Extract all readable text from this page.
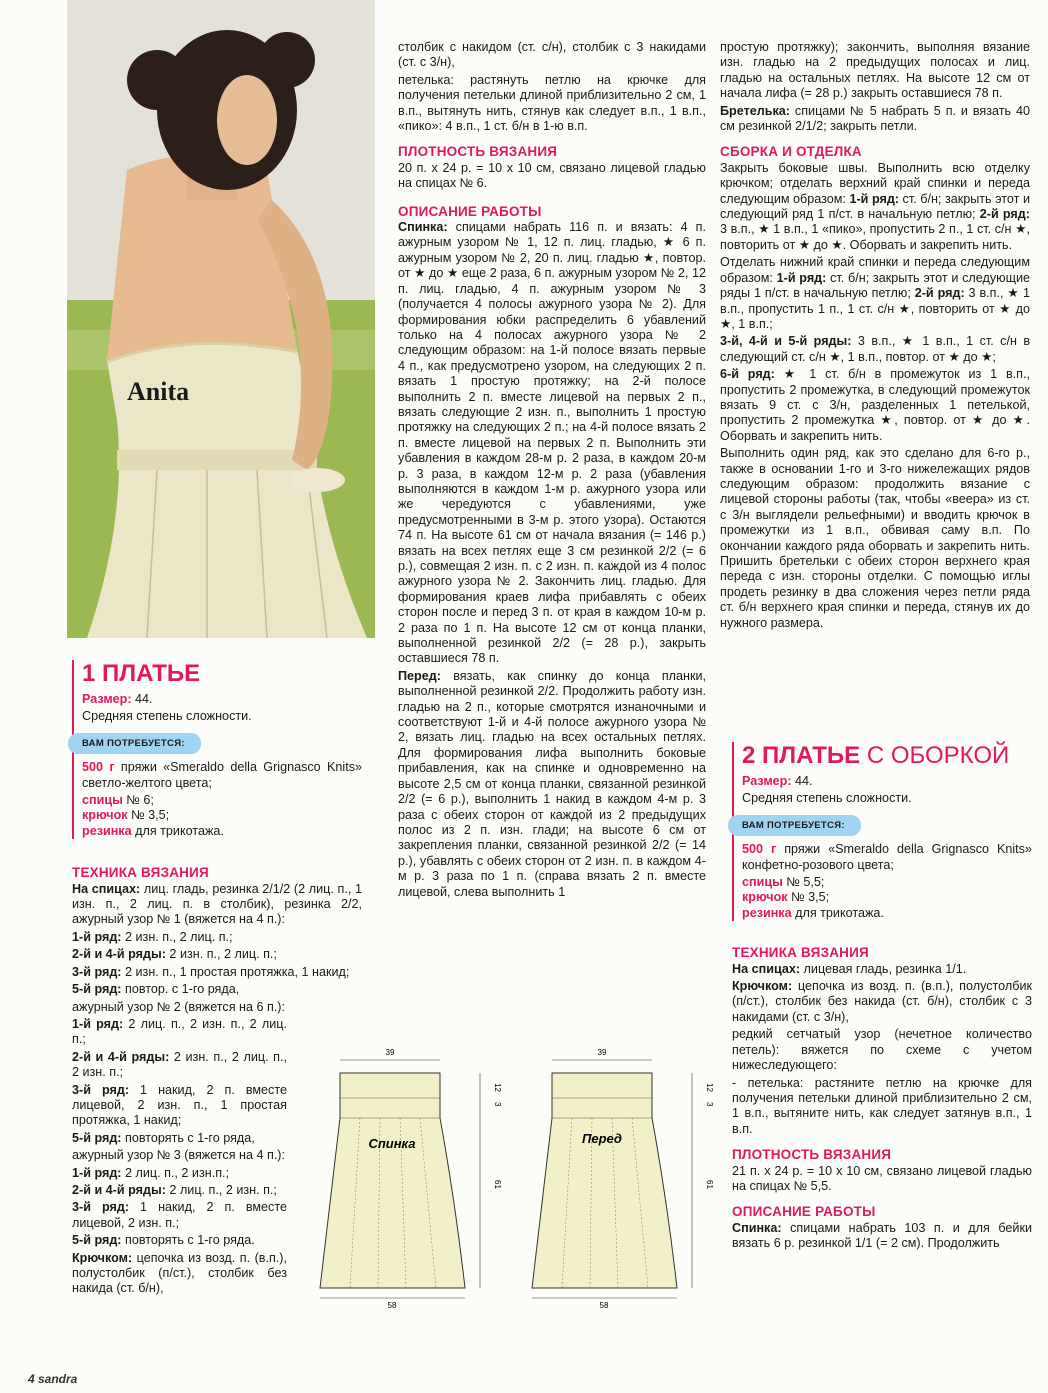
Anita
1 ПЛАТЬЕ

Размер: 44.

Средняя степень сложности.

ВАМ ПОТРЕБУЕТСЯ:

500 г пряжи «Smeraldo della Grignasco Knits» светло-желтого цвета;

спицы № 6;

крючок № 3,5;

резинка для трикотажа.

ТЕХНИКА ВЯЗАНИЯ

На спицах: лиц. гладь, резинка 2/1/2 (2 лиц. п., 1 изн. п., 2 лиц. п. в столбик), резинка 2/2, ажурный узор № 1 (вяжется на 4 п.):

1-й ряд: 2 изн. п., 2 лиц. п.;

2-й и 4-й ряды: 2 изн. п., 2 лиц. п.;

3-й ряд: 2 изн. п., 1 простая протяжка, 1 накид;

5-й ряд: повтор. с 1-го ряда,

ажурный узор № 2 (вяжется на 6 п.):

1-й ряд: 2 лиц. п., 2 изн. п., 2 лиц. п.;

2-й и 4-й ряды: 2 изн. п., 2 лиц. п., 2 изн. п.;

3-й ряд: 1 накид, 2 п. вместе лицевой, 2 изн. п., 1 простая протяжка, 1 накид;

5-й ряд: повторять с 1-го ряда,

ажурный узор № 3 (вяжется на 4 п.):

1-й ряд: 2 лиц. п., 2 изн.п.;

2-й и 4-й ряды: 2 лиц. п., 2 изн. п.;

3-й ряд: 1 накид, 2 п. вместе лицевой, 2 изн. п.;

5-й ряд: повторять с 1-го ряда.

Крючком: цепочка из возд. п. (в.п.), полустолбик (п/ст.), столбик без накида (ст. б/н),

столбик с накидом (ст. с/н), столбик с 3 накидами (ст. с 3/н),

петелька: растянуть петлю на крючке для получения петельки длиной приблизительно 2 см, 1 в.п., вытянуть нить, стянув как следует в.п., 1 в.п., «пико»: 4 в.п., 1 ст. б/н в 1-ю в.п.

ПЛОТНОСТЬ ВЯЗАНИЯ

20 п. х 24 р. = 10 х 10 см, связано лицевой гладью на спицах № 6.

ОПИСАНИЕ РАБОТЫ

Спинка: спицами набрать 116 п. и вязать: 4 п. ажурным узором № 1, 12 п. лиц. гладью, ★ 6 п. ажурным узором № 2, 20 п. лиц. гладью ★, повтор. от ★ до ★ еще 2 раза, 6 п. ажурным узором № 2, 12 п. лиц. гладью, 4 п. ажурным узором № 3 (получается 4 полосы ажурного узора № 2). Для формирования юбки распределить 6 убавлений только на 4 полосах ажурного узора № 2 следующим образом: на 1-й полосе вязать первые 4 п., как предусмотрено узором, на следующих 2 п. вязать 1 простую протяжку; на 2-й полосе выполнить 2 п. вместе лицевой на первых 2 п., вязать следующие 2 изн. п., выполнить 1 простую протяжку на следующих 2 п.; на 4-й полосе вязать 2 п. вместе лицевой на первых 2 п. Выполнить эти убавления в каждом 28-м р. 2 раза, в каждом 20-м р. 3 раза, в каждом 12-м р. 2 раза (убавления выполняются в каждом 1-м р. ажурного узора или же чередуются с убавлениями, уже предусмотренными в 3-м р. этого узора). Остаются 74 п. На высоте 61 см от начала вязания (= 146 р.) вязать на всех петлях еще 3 см резинкой 2/2 (= 6 р.), совмещая 2 изн. п. с 2 изн. п. каждой из 4 полос ажурного узора № 2. Закончить лиц. гладью. Для формирования краев лифа прибавлять с обеих сторон после и перед 3 п. от края в каждом 10-м р. 2 раза по 1 п. На высоте 12 см от конца планки, выполненной резинкой 2/2 (= 28 р.), закрыть оставшиеся 78 п.

Перед: вязать, как спинку до конца планки, выполненной резинкой 2/2. Продолжить работу изн. гладью на 2 п., которые смотрятся изнаночными и соответствуют 1-й и 4-й полосе ажурного узора № 2, вязать лиц. гладью на всех остальных петлях. Для формирования лифа выполнить боковые прибавления, как на спинке и одновременно на высоте 2,5 см от конца планки, связанной резинкой 2/2 (= 6 р.), выполнить 1 накид в каждом 4-м р. 3 раза с обеих сторон от каждой из 2 предыдущих полос из 2 п. изн. глади; на высоте 6 см от закрепления планки, связанной резинкой 2/2 (= 14 р.), убавлять с обеих сторон от 2 изн. п. в каждом 4-м р. 3 раза по 1 п. (справа вязать 2 п. вместе лицевой, слева выполнить 1

простую протяжку); закончить, выполняя вязание изн. гладью на 2 предыдущих полосах и лиц. гладью на остальных петлях. На высоте 12 см от начала лифа (= 28 р.) закрыть оставшиеся 78 п.

Бретелька: спицами № 5 набрать 5 п. и вязать 40 см резинкой 2/1/2; закрыть петли.

СБОРКА И ОТДЕЛКА

Закрыть боковые швы. Выполнить всю отделку крючком; отделать верхний край спинки и переда следующим образом: 1-й ряд: ст. б/н; закрыть этот и следующий ряд 1 п/ст. в начальную петлю; 2-й ряд: 3 в.п., ★ 1 в.п., 1 «пико», пропустить 2 п., 1 ст. с/н ★, повторить от ★ до ★. Оборвать и закрепить нить.

Отделать нижний край спинки и переда следующим образом: 1-й ряд: ст. б/н; закрыть этот и следующие ряды 1 п/ст. в начальную петлю; 2-й ряд: 3 в.п., ★ 1 в.п., пропустить 1 п., 1 ст. с/н ★, повторить от ★ до ★, 1 в.п.;

3-й, 4-й и 5-й ряды: 3 в.п., ★ 1 в.п., 1 ст. с/н в следующий ст. с/н ★, 1 в.п., повтор. от ★ до ★;

6-й ряд: ★ 1 ст. б/н в промежуток из 1 в.п., пропустить 2 промежутка, в следующий промежуток вязать 9 ст. с 3/н, разделенных 1 петелькой, пропустить 2 промежутка ★, повтор. от ★ до ★. Оборвать и закрепить нить.

Выполнить один ряд, как это сделано для 6-го р., также в основании 1-го и 3-го нижележащих рядов следующим образом: продолжить вязание с лицевой стороны работы (так, чтобы «веера» из ст. с 3/н выглядели рельефными) и вводить крючок в промежутки из 1 в.п., обвивая саму в.п. По окончании каждого ряда оборвать и закрепить нить. Пришить бретельки с обеих сторон верхнего края переда с изн. стороны отделки. С помощью иглы продеть резинку в два сложения через петли ряда ст. б/н верхнего края спинки и переда, стянув их до нужного размера.

2 ПЛАТЬЕ С ОБОРКОЙ

Размер: 44.

Средняя степень сложности.

ВАМ ПОТРЕБУЕТСЯ:

500 г пряжи «Smeraldo della Grignasco Knits» конфетно-розового цвета;

спицы № 5,5;

крючок № 3,5;

резинка для трикотажа.

ТЕХНИКА ВЯЗАНИЯ

На спицах: лицевая гладь, резинка 1/1.

Крючком: цепочка из возд. п. (в.п.), полустолбик (п/ст.), столбик без накида (ст. б/н), столбик с 3 накидами (ст. с 3/н),

редкий сетчатый узор (нечетное количество петель): вяжется по схеме с учетом нижеследующего:

- петелька: растяните петлю на крючке для получения петельки длиной приблизительно 2 см, 1 в.п., вытяните нить, как следует затянув в.п., 1 в.п.

ПЛОТНОСТЬ ВЯЗАНИЯ

21 п. х 24 р. = 10 х 10 см, связано лицевой гладью на спицах № 5,5.

ОПИСАНИЕ РАБОТЫ

Спинка: спицами набрать 103 п. и для бейки вязать 6 р. резинкой 1/1 (= 2 см). Продолжить

39
58
12
3
61
Спинка
39
58
12
3
61
Перед
4 sandra
